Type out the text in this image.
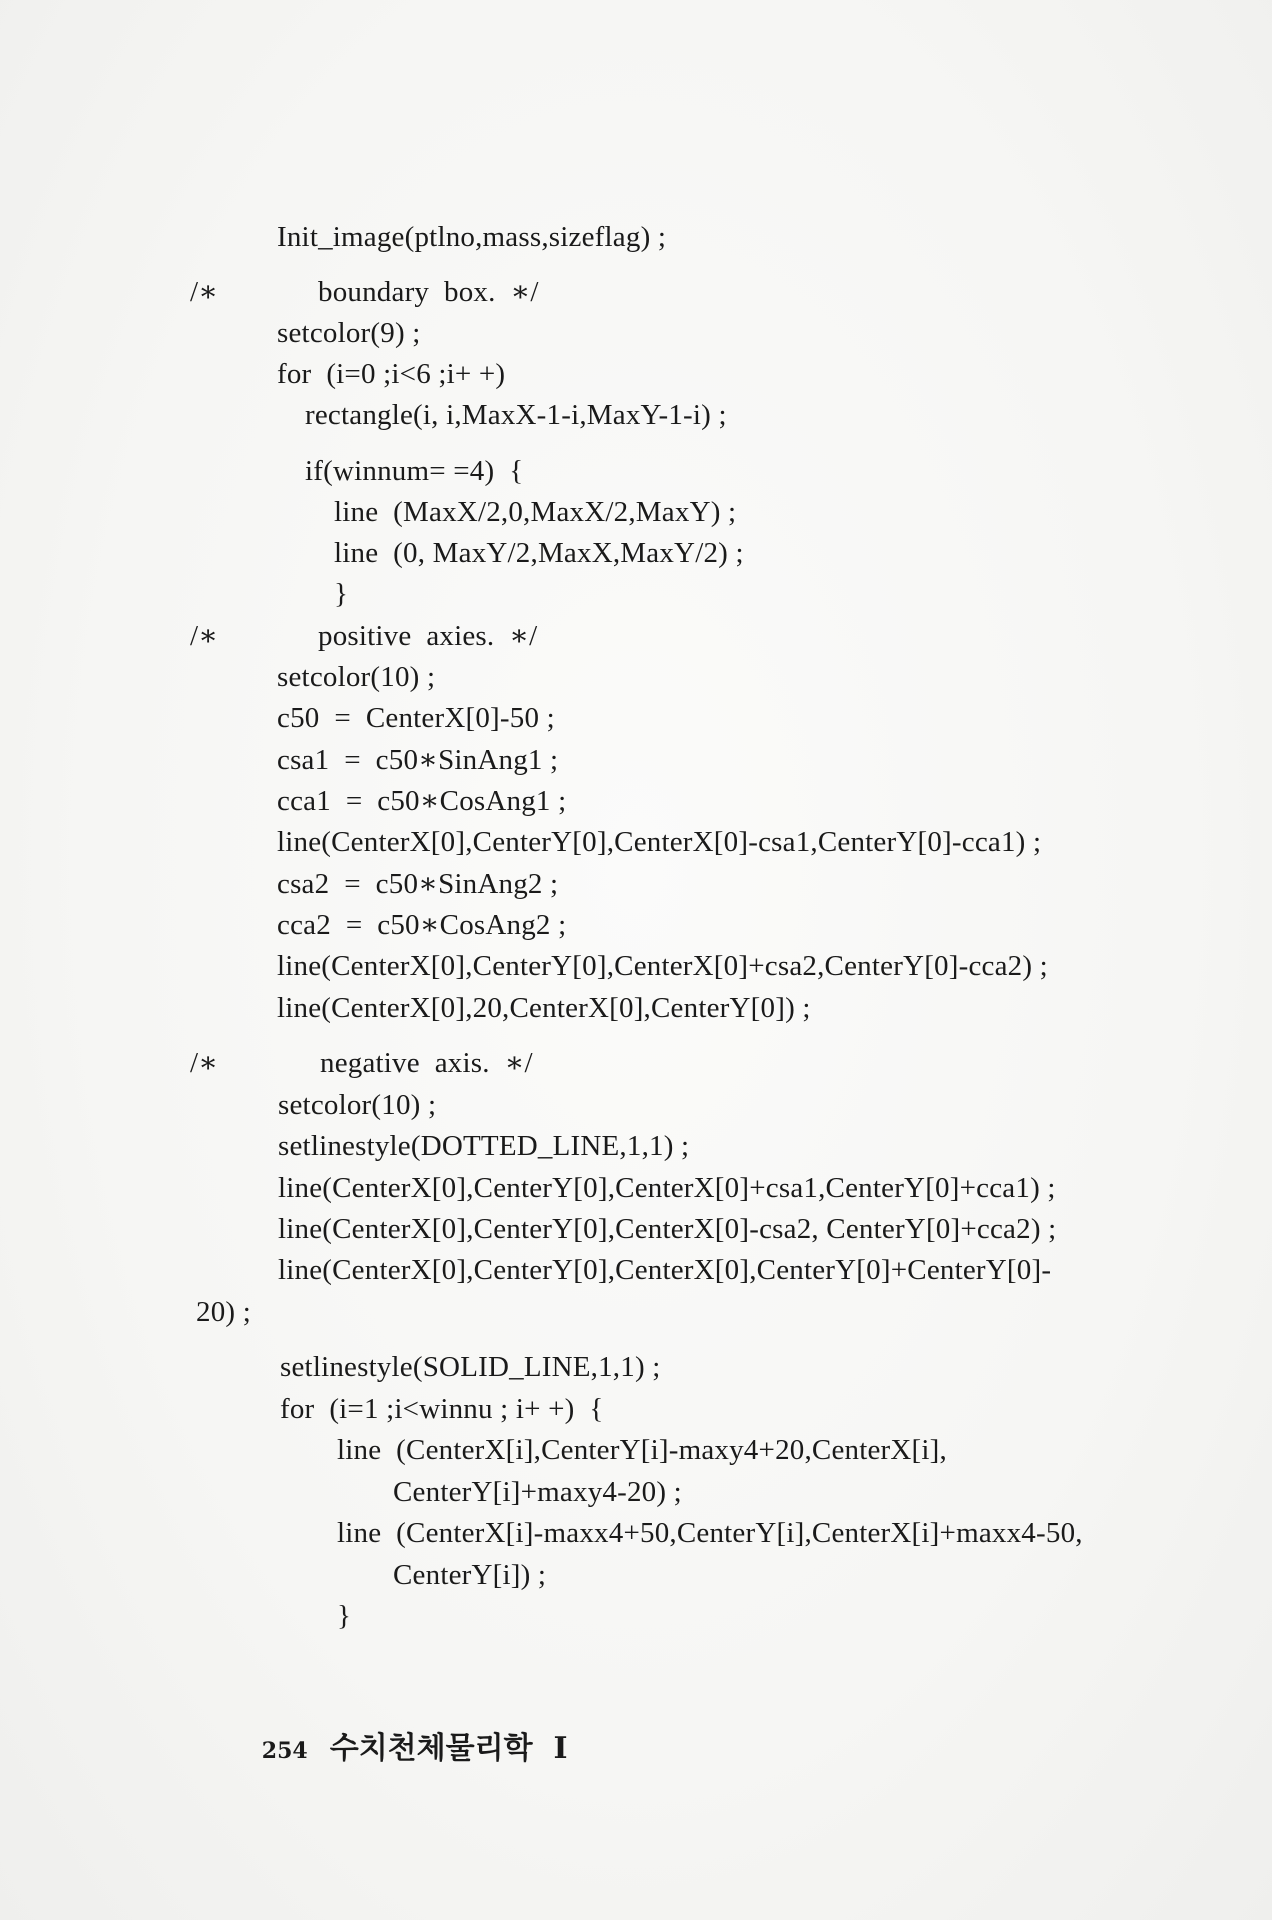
Init_image(ptlno,mass,sizeflag) ;
/∗	boundary  box.  ∗/
setcolor(9) ;
for  (i=0 ;i<6 ;i+ +)
rectangle(i, i,MaxX-1-i,MaxY-1-i) ;
if(winnum= =4)  {
line  (MaxX/2,0,MaxX/2,MaxY) ;
line  (0, MaxY/2,MaxX,MaxY/2) ;
}
/∗	positive  axies.  ∗/
setcolor(10) ;
c50  =  CenterX[0]-50 ;
csa1  =  c50∗SinAng1 ;
cca1  =  c50∗CosAng1 ;
line(CenterX[0],CenterY[0],CenterX[0]-csa1,CenterY[0]-cca1) ;
csa2  =  c50∗SinAng2 ;
cca2  =  c50∗CosAng2 ;
line(CenterX[0],CenterY[0],CenterX[0]+csa2,CenterY[0]-cca2) ;
line(CenterX[0],20,CenterX[0],CenterY[0]) ;
/∗	negative  axis.  ∗/
setcolor(10) ;
setlinestyle(DOTTED_LINE,1,1) ;
line(CenterX[0],CenterY[0],CenterX[0]+csa1,CenterY[0]+cca1) ;
line(CenterX[0],CenterY[0],CenterX[0]-csa2, CenterY[0]+cca2) ;
line(CenterX[0],CenterY[0],CenterX[0],CenterY[0]+CenterY[0]-
20) ;
setlinestyle(SOLID_LINE,1,1) ;
for  (i=1 ;i<winnu ; i+ +)  {
line  (CenterX[i],CenterY[i]-maxy4+20,CenterX[i],
CenterY[i]+maxy4-20) ;
line  (CenterX[i]-maxx4+50,CenterY[i],CenterX[i]+maxx4-50,
CenterY[i]) ;
}

254 수치천체물리학  I
